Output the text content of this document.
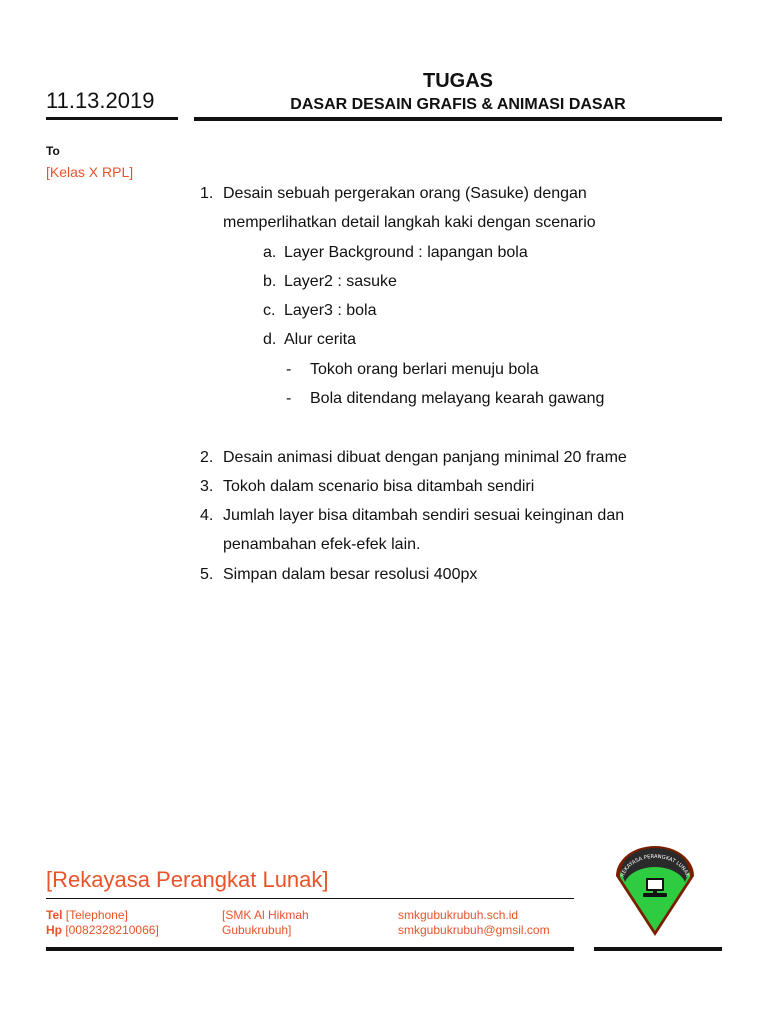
11.13.2019
TUGAS
DASAR DESAIN GRAFIS & ANIMASI DASAR
To
[Kelas X RPL]
1. Desain sebuah pergerakan orang (Sasuke) dengan
memperlihatkan detail langkah kaki dengan scenario
a. Layer Background : lapangan bola
b. Layer2 : sasuke
c. Layer3 : bola
d. Alur cerita
- Tokoh orang berlari menuju bola
- Bola ditendang melayang kearah gawang
2. Desain animasi dibuat dengan panjang minimal 20 frame
3. Tokoh dalam scenario bisa ditambah sendiri
4. Jumlah layer bisa ditambah sendiri sesuai keinginan dan
penambahan efek-efek lain.
5. Simpan dalam besar resolusi 400px
[Rekayasa Perangkat Lunak]
Tel [Telephone]
Hp [0082328210066]
[SMK Al Hikmah
Gubukrubuh]
smkgubukrubuh.sch.id
smkgubukrubuh@gmsil.com
REKAYASA PERANGKAT LUNAK
